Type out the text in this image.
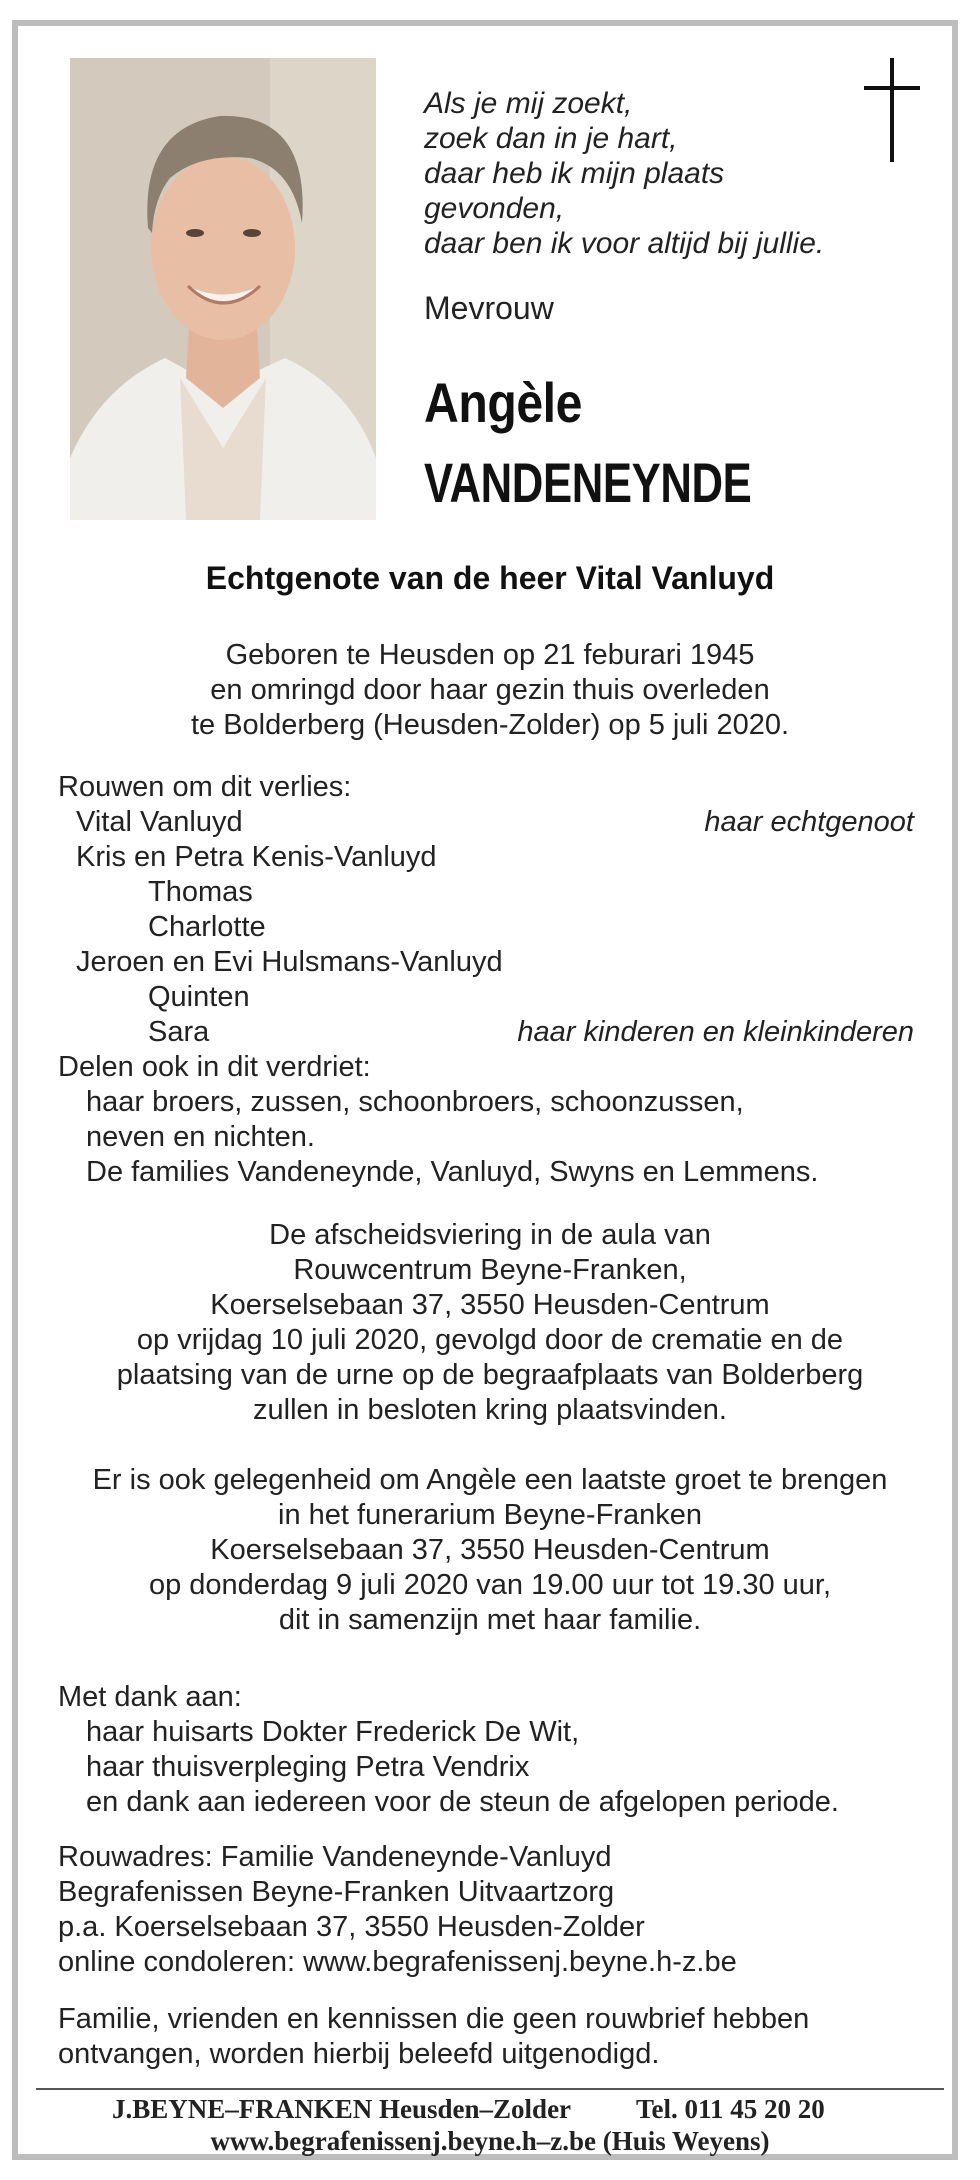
Als je mij zoekt,
zoek dan in je hart,
daar heb ik mijn plaats
gevonden,
daar ben ik voor altijd bij jullie.
Mevrouw
Angèle
VANDENEYNDE
Echtgenote van de heer Vital Vanluyd
Geboren te Heusden op 21 feburari 1945
en omringd door haar gezin thuis overleden
te Bolderberg (Heusden-Zolder) op 5 juli 2020.
Rouwen om dit verlies:
Vital Vanluyd	haar echtgenoot
Kris en Petra Kenis-Vanluyd
Thomas
Charlotte
Jeroen en Evi Hulsmans-Vanluyd
Quinten
Sara	haar kinderen en kleinkinderen
Delen ook in dit verdriet:
haar broers, zussen, schoonbroers, schoonzussen,
neven en nichten.
De families Vandeneynde, Vanluyd, Swyns en Lemmens.
De afscheidsviering in de aula van
Rouwcentrum Beyne-Franken,
Koerselsebaan 37, 3550 Heusden-Centrum
op vrijdag 10 juli 2020, gevolgd door de crematie en de
plaatsing van de urne op de begraafplaats van Bolderberg
zullen in besloten kring plaatsvinden.
Er is ook gelegenheid om Angèle een laatste groet te brengen
in het funerarium Beyne-Franken
Koerselsebaan 37, 3550 Heusden-Centrum
op donderdag 9 juli 2020 van 19.00 uur tot 19.30 uur,
dit in samenzijn met haar familie.
Met dank aan:
haar huisarts Dokter Frederick De Wit,
haar thuisverpleging Petra Vendrix
en dank aan iedereen voor de steun de afgelopen periode.
Rouwadres: Familie Vandeneynde-Vanluyd
Begrafenissen Beyne-Franken Uitvaartzorg
p.a. Koerselsebaan 37, 3550 Heusden-Zolder
online condoleren: www.begrafenissenj.beyne.h-z.be
Familie, vrienden en kennissen die geen rouwbrief hebben
ontvangen, worden hierbij beleefd uitgenodigd.
J.BEYNE–FRANKEN Heusden–Zolder Tel. 011 45 20 20
www.begrafenissenj.beyne.h–z.be (Huis Weyens)
